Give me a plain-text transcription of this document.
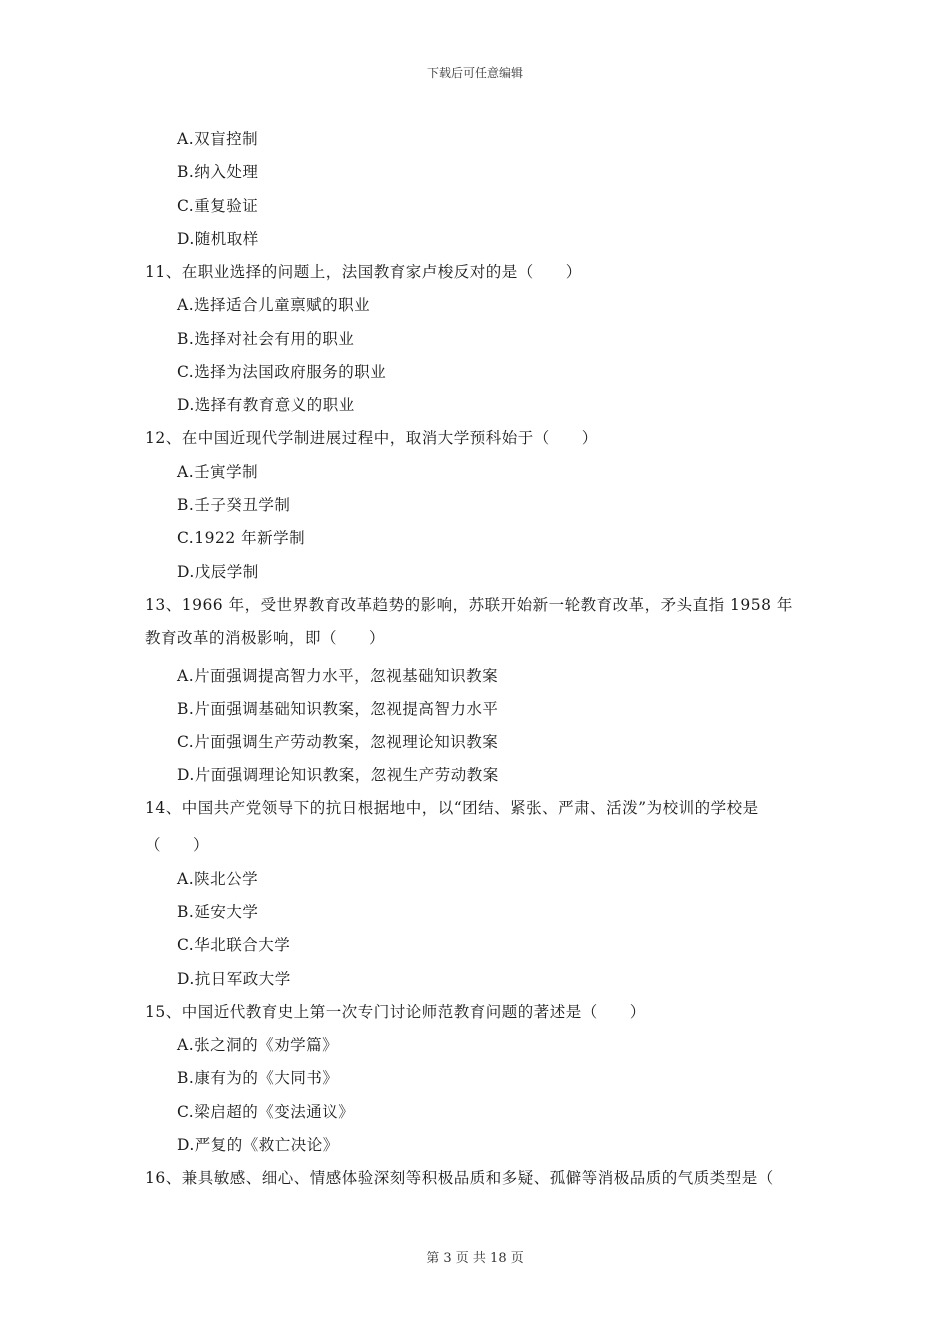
下载后可任意编辑
A.双盲控制
B.纳入处理
C.重复验证
D.随机取样
11、在职业选择的问题上，法国教育家卢梭反对的是（　　）
A.选择适合儿童禀赋的职业
B.选择对社会有用的职业
C.选择为法国政府服务的职业
D.选择有教育意义的职业
12、在中国近现代学制进展过程中，取消大学预科始于（　　）
A.壬寅学制
B.壬子癸丑学制
C.1922 年新学制
D.戊辰学制
13、1966 年，受世界教育改革趋势的影响，苏联开始新一轮教育改革，矛头直指 1958 年
教育改革的消极影响，即（　　）
A.片面强调提高智力水平，忽视基础知识教案
B.片面强调基础知识教案，忽视提高智力水平
C.片面强调生产劳动教案，忽视理论知识教案
D.片面强调理论知识教案，忽视生产劳动教案
14、中国共产党领导下的抗日根据地中，以“团结、紧张、严肃、活泼”为校训的学校是
（　　）
A.陕北公学
B.延安大学
C.华北联合大学
D.抗日军政大学
15、中国近代教育史上第一次专门讨论师范教育问题的著述是（　　）
A.张之洞的《劝学篇》
B.康有为的《大同书》
C.梁启超的《变法通议》
D.严复的《救亡决论》
16、兼具敏感、细心、情感体验深刻等积极品质和多疑、孤僻等消极品质的气质类型是（
第 3 页 共 18 页
